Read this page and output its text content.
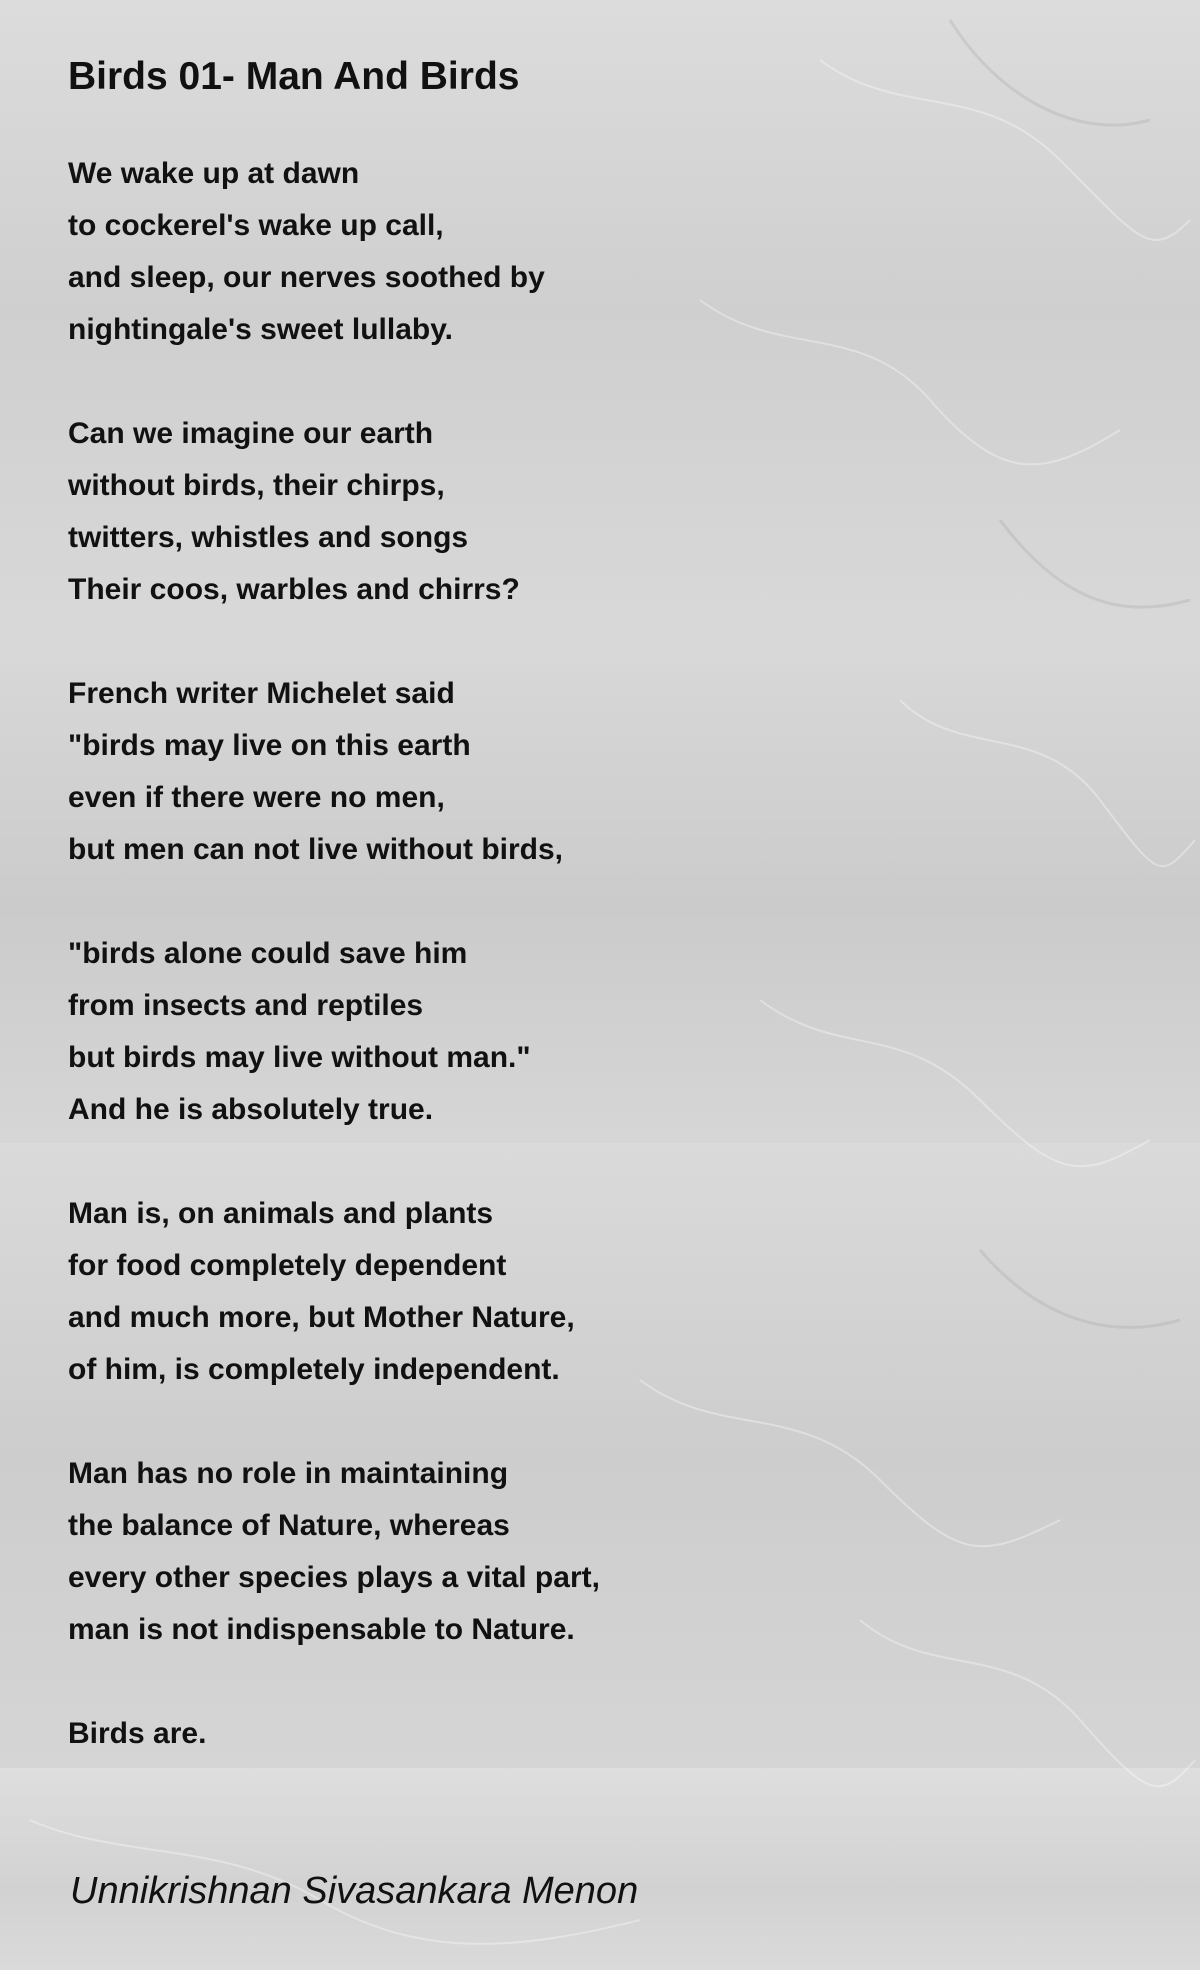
Birds 01- Man And Birds
We wake up at dawn
to cockerel's wake up call,
and sleep, our nerves soothed by
nightingale's sweet lullaby.
Can we imagine our earth
without birds, their chirps,
twitters, whistles and songs
Their coos, warbles and chirrs?
French writer Michelet said
"birds may live on this earth
even if there were no men,
but men can not live without birds,
"birds alone could save him
from insects and reptiles
but birds may live without man."
And he is absolutely true.
Man is, on animals and plants
for food completely dependent
and much more, but Mother Nature,
of him, is completely independent.
Man has no role in maintaining
the balance of Nature, whereas
every other species plays a vital part,
man is not indispensable to Nature.
Birds are.

Unnikrishnan Sivasankara Menon
